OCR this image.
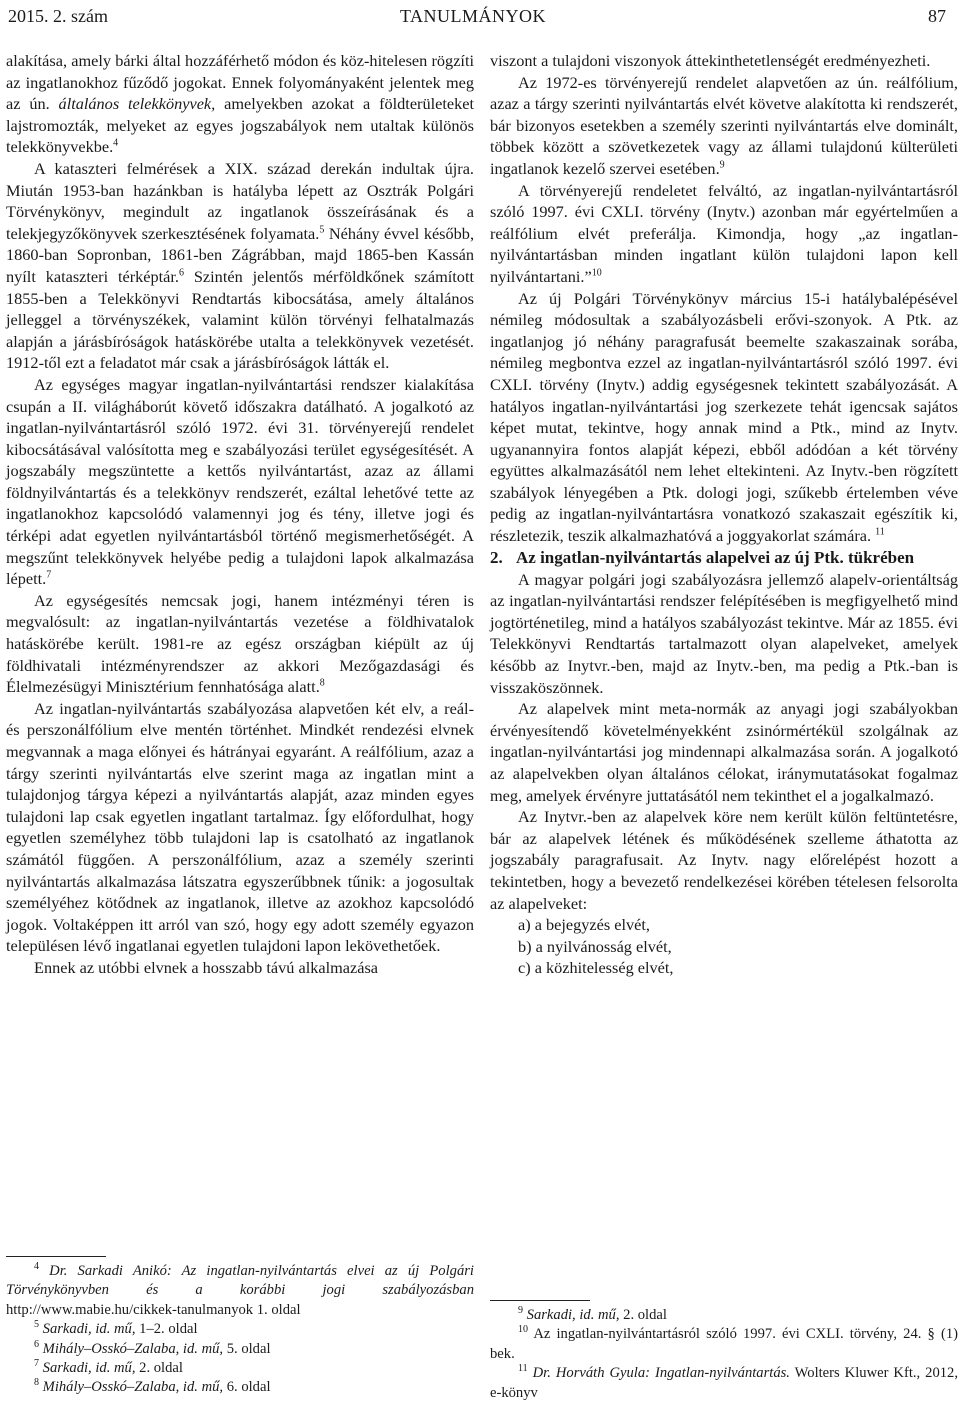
2015. 2. szám	TANULMÁNYOK	87

alakítása, amely bárki által hozzáférhető módon és köz-hitelesen rögzíti az ingatlanokhoz fűződő jogokat. Ennek folyományaként jelentek meg az ún. általános telekkönyvek, amelyekben azokat a földterületeket lajstromozták, melyeket az egyes jogszabályok nem utaltak különös telekkönyvekbe.$^4$

A kataszteri felmérések a XIX. század derekán indultak újra. Miután 1953-ban hazánkban is hatályba lépett az Osztrák Polgári Törvénykönyv, megindult az ingatlanok összeírásának és a telekjegyzőkönyvek szerkesztésének folyamata.$^5$ Néhány évvel később, 1860-ban Sopronban, 1861-ben Zágrábban, majd 1865-ben Kassán nyílt kataszteri térképtár.$^6$ Szintén jelentős mérföldkőnek számított 1855-ben a Telekkönyvi Rendtartás kibocsátása, amely általános jelleggel a törvényszékek, valamint külön törvényi felhatalmazás alapján a járásbíróságok hatáskörébe utalta a telekkönyvek vezetését. 1912-től ezt a feladatot már csak a járásbíróságok látták el.

Az egységes magyar ingatlan-nyilvántartási rendszer kialakítása csupán a II. világháborút követő időszakra datálható. A jogalkotó az ingatlan-nyilvántartásról szóló 1972. évi 31. törvényerejű rendelet kibocsátásával valósította meg e szabályozási terület egységesítését. A jogszabály megszüntette a kettős nyilvántartást, azaz az állami földnyilvántartás és a telekkönyv rendszerét, ezáltal lehetővé tette az ingatlanokhoz kapcsolódó valamennyi jog és tény, illetve jogi és térképi adat egyetlen nyilvántartásból történő megismerhetőségét. A megszűnt telekkönyvek helyébe pedig a tulajdoni lapok alkalmazása lépett.$^7$

Az egységesítés nemcsak jogi, hanem intézményi téren is megvalósult: az ingatlan-nyilvántartás vezetése a földhivatalok hatáskörébe került. 1981-re az egész országban kiépült az új földhivatali intézményrendszer az akkori Mezőgazdasági és Élelmezésügyi Minisztérium fennhatósága alatt.$^8$

Az ingatlan-nyilvántartás szabályozása alapvetően két elv, a reál- és perszonálfólium elve mentén történhet. Mindkét rendezési elvnek megvannak a maga előnyei és hátrányai egyaránt. A reálfólium, azaz a tárgy szerinti nyilvántartás elve szerint maga az ingatlan mint a tulajdonjog tárgya képezi a nyilvántartás alapját, azaz minden egyes tulajdoni lap csak egyetlen ingatlant tartalmaz. Így előfordulhat, hogy egyetlen személyhez több tulajdoni lap is csatolható az ingatlanok számától függően. A perszonálfólium, azaz a személy szerinti nyilvántartás alkalmazása látszatra egyszerűbbnek tűnik: a jogosultak személyéhez kötődnek az ingatlanok, illetve az azokhoz kapcsolódó jogok. Voltaképpen itt arról van szó, hogy egy adott személy egyazon településen lévő ingatlanai egyetlen tulajdoni lapon lekövethetőek.

Ennek az utóbbi elvnek a hosszabb távú alkalmazása

$^4$ Dr. Sarkadi Anikó: Az ingatlan-nyilvántartás elvei az új Polgári Törvénykönyvben és a korábbi jogi szabályozásban http://www.mabie.hu/cikkek-tanulmanyok 1. oldal

$^5$ Sarkadi, id. mű, 1–2. oldal

$^6$ Mihály–Osskó–Zalaba, id. mű, 5. oldal

$^7$ Sarkadi, id. mű, 2. oldal

$^8$ Mihály–Osskó–Zalaba, id. mű, 6. oldal

viszont a tulajdoni viszonyok áttekinthetetlenségét eredményezheti.

Az 1972-es törvényerejű rendelet alapvetően az ún. reálfólium, azaz a tárgy szerinti nyilvántartás elvét követve alakította ki rendszerét, bár bizonyos esetekben a személy szerinti nyilvántartás elve dominált, többek között a szövetkezetek vagy az állami tulajdonú külterületi ingatlanok kezelő szervei esetében.$^9$

A törvényerejű rendeletet felváltó, az ingatlan-nyilvántartásról szóló 1997. évi CXLI. törvény (Inytv.) azonban már egyértelműen a reálfólium elvét preferálja. Kimondja, hogy „az ingatlan-nyilvántartásban minden ingatlant külön tulajdoni lapon kell nyilvántartani.”$^{10}$

Az új Polgári Törvénykönyv március 15-i hatálybalépésével némileg módosultak a szabályozásbeli erővi-szonyok. A Ptk. az ingatlanjog jó néhány paragrafusát beemelte szakaszainak sorába, némileg megbontva ezzel az ingatlan-nyilvántartásról szóló 1997. évi CXLI. törvény (Inytv.) addig egységesnek tekintett szabályozását. A hatályos ingatlan-nyilvántartási jog szerkezete tehát igencsak sajátos képet mutat, tekintve, hogy annak mind a Ptk., mind az Inytv. ugyanannyira fontos alapját képezi, ebből adódóan a két törvény együttes alkalmazásától nem lehet eltekinteni. Az Inytv.-ben rögzített szabályok lényegében a Ptk. dologi jogi, szűkebb értelemben véve pedig az ingatlan-nyilvántartásra vonatkozó szakaszait egészítik ki, részletezik, teszik alkalmazhatóvá a joggyakorlat számára. $^{11}$

2. Az ingatlan-nyilvántartás alapelvei az új Ptk. tükrében

A magyar polgári jogi szabályozásra jellemző alapelv-orientáltság az ingatlan-nyilvántartási rendszer felépítésében is megfigyelhető mind jogtörténetileg, mind a hatályos szabályozást tekintve. Már az 1855. évi Telekkönyvi Rendtartás tartalmazott olyan alapelveket, amelyek később az Inytvr.-ben, majd az Inytv.-ben, ma pedig a Ptk.-ban is visszaköszönnek.

Az alapelvek mint meta-normák az anyagi jogi szabályokban érvényesítendő követelményekként zsinórmértékül szolgálnak az ingatlan-nyilvántartási jog mindennapi alkalmazása során. A jogalkotó az alapelvekben olyan általános célokat, iránymutatásokat fogalmaz meg, amelyek érvényre juttatásától nem tekinthet el a jogalkalmazó.

Az Inytvr.-ben az alapelvek köre nem került külön feltüntetésre, bár az alapelvek létének és működésének szelleme áthatotta az jogszabály paragrafusait. Az Inytv. nagy előrelépést hozott a tekintetben, hogy a bevezető rendelkezései körében tételesen felsorolta az alapelveket:

a) a bejegyzés elvét,
b) a nyilvánosság elvét,
c) a közhitelesség elvét,

$^9$ Sarkadi, id. mű, 2. oldal

$^{10}$ Az ingatlan-nyilvántartásról szóló 1997. évi CXLI. törvény, 24. § (1) bek.

$^{11}$ Dr. Horváth Gyula: Ingatlan-nyilvántartás. Wolters Kluwer Kft., 2012, e-könyv
